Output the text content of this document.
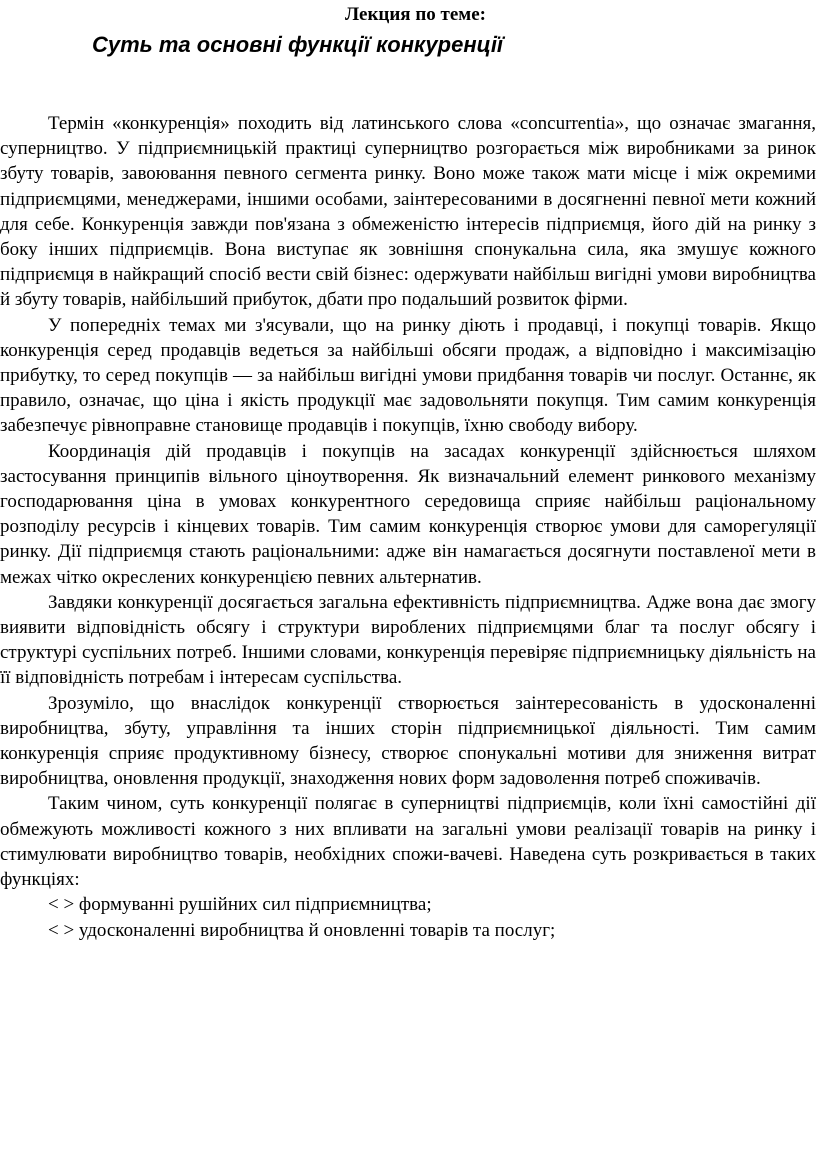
Лекция по теме:
Суть та основні функції конкуренції

Термін «конкуренція» походить від латинського слова «concurrentia», що означає змагання, суперництво. У підприємницькій практиці суперництво розгорається між виробниками за ринок збуту товарів, завоювання певного сегмента ринку. Воно може також мати місце і між окремими підприємцями, менеджерами, іншими особами, заінтересованими в досягненні певної мети кожний для себе. Конкуренція завжди пов'язана з обмеженістю інтересів підприємця, його дій на ринку з боку інших підприємців. Вона виступає як зовнішня спонукальна сила, яка змушує кожного підприємця в найкращий спосіб вести свій бізнес: одержувати найбільш вигідні умови виробництва й збуту товарів, найбільший прибуток, дбати про подальший розвиток фірми.

У попередніх темах ми з'ясували, що на ринку діють і продавці, і покупці товарів. Якщо конкуренція серед продавців ведеться за найбільші обсяги продаж, а відповідно і максимізацію прибутку, то серед покупців — за найбільш вигідні умови придбання товарів чи послуг. Останнє, як правило, означає, що ціна і якість продукції має задовольняти покупця. Тим самим конкуренція забезпечує рівноправне становище продавців і покупців, їхню свободу вибору.

Координація дій продавців і покупців на засадах конкуренції здійснюється шляхом застосування принципів вільного ціноутворення. Як визначальний елемент ринкового механізму господарювання ціна в умовах конкурентного середовища сприяє найбільш раціональному розподілу ресурсів і кінцевих товарів. Тим самим конкуренція створює умови для саморегуляції ринку. Дії підприємця стають раціональними: адже він намагається досягнути поставленої мети в межах чітко окреслених конкуренцією певних альтернатив.

Завдяки конкуренції досягається загальна ефективність підприємництва. Адже вона дає змогу виявити відповідність обсягу і структури вироблених підприємцями благ та послуг обсягу і структурі суспільних потреб. Іншими словами, конкуренція перевіряє підприємницьку діяльність на її відповідність потребам і інтересам суспільства.

Зрозуміло, що внаслідок конкуренції створюється заінтересованість в удосконаленні виробництва, збуту, управління та інших сторін підприємницької діяльності. Тим самим конкуренція сприяє продуктивному бізнесу, створює спонукальні мотиви для зниження витрат виробництва, оновлення продукції, знаходження нових форм задоволення потреб споживачів.

Таким чином, суть конкуренції полягає в суперництві підприємців, коли їхні самостійні дії обмежують можливості кожного з них впливати на загальні умови реалізації товарів на ринку і стимулювати виробництво товарів, необхідних спожи-вачеві. Наведена суть розкривається в таких функціях:

< > формуванні рушійних сил підприємництва;
< > удосконаленні виробництва й оновленні товарів та послуг;
